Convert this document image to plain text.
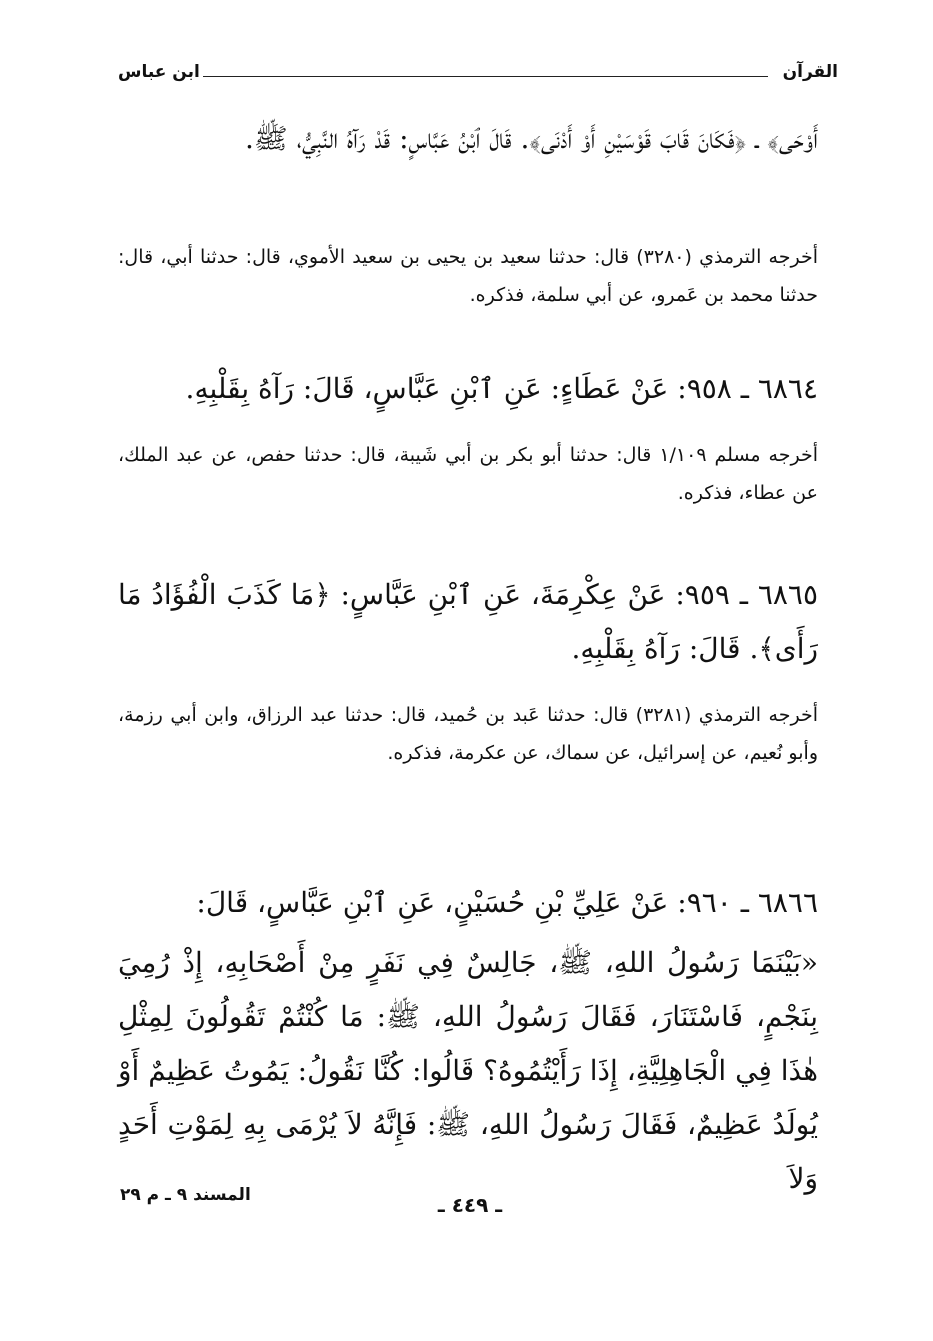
القرآن
ابن عباس
أَوْحَى﴾ ـ ﴿فَكَانَ قَابَ قَوْسَيْنِ أَوْ أَدْنَى﴾. قَالَ ٱبْنُ عَبَّاسٍ: قَدْ رَآهُ النَّبِيُّ، ﷺ.
أخرجه الترمذي (٣٢٨٠) قال: حدثنا سعيد بن يحيى بن سعيد الأموي، قال: حدثنا أبي، قال: حدثنا محمد بن عَمرو، عن أبي سلمة، فذكره.
٦٨٦٤ ـ ٩٥٨: عَنْ عَطَاءٍ: عَنِ ٱبْنِ عَبَّاسٍ، قَالَ: رَآهُ بِقَلْبِهِ.
أخرجه مسلم ١/١٠٩ قال: حدثنا أبو بكر بن أبي شَيبة، قال: حدثنا حفص، عن عبد الملك، عن عطاء، فذكره.
٦٨٦٥ ـ ٩٥٩: عَنْ عِكْرِمَةَ، عَنِ ٱبْنِ عَبَّاسٍ: ﴿مَا كَذَبَ الْفُؤَادُ مَا رَأَى﴾. قَالَ: رَآهُ بِقَلْبِهِ.
أخرجه الترمذي (٣٢٨١) قال: حدثنا عَبد بن حُميد، قال: حدثنا عبد الرزاق، وابن أبي رزمة، وأبو نُعيم، عن إسرائيل، عن سماك، عن عكرمة، فذكره.
٦٨٦٦ ـ ٩٦٠: عَنْ عَلِيِّ بْنِ حُسَيْنٍ، عَنِ ٱبْنِ عَبَّاسٍ، قَالَ:
«بَيْنَمَا رَسُولُ اللهِ، ﷺ، جَالِسٌ فِي نَفَرٍ مِنْ أَصْحَابِهِ، إِذْ رُمِيَ بِنَجْمٍ، فَاسْتَنَارَ، فَقَالَ رَسُولُ اللهِ، ﷺ: مَا كُنْتُمْ تَقُولُونَ لِمِثْلِ هٰذَا فِي الْجَاهِلِيَّةِ، إِذَا رَأَيْتُمُوهُ؟ قَالُوا: كُنَّا نَقُولُ: يَمُوتُ عَظِيمٌ أَوْ يُولَدُ عَظِيمٌ، فَقَالَ رَسُولُ اللهِ، ﷺ: فَإِنَّهُ لاَ يُرْمَى بِهِ لِمَوْتِ أَحَدٍ وَلاَ
ـ ٤٤٩ ـ
المسند ٩ ـ م ٢٩
